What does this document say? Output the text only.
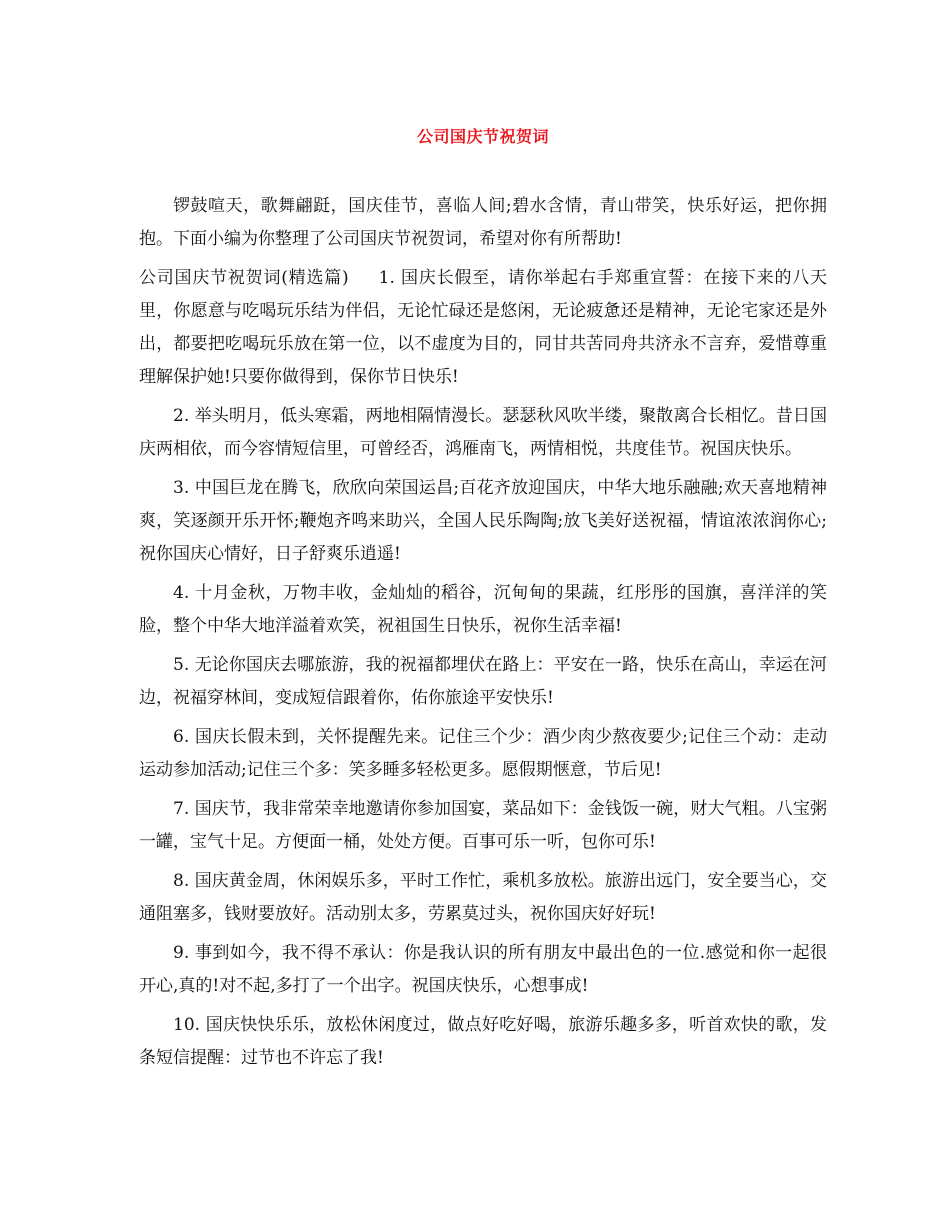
公司国庆节祝贺词

锣鼓喧天，歌舞翩跹，国庆佳节，喜临人间;碧水含情，青山带笑，快乐好运，把你拥抱。下面小编为你整理了公司国庆节祝贺词，希望对你有所帮助!

公司国庆节祝贺词(精选篇) 1. 国庆长假至，请你举起右手郑重宣誓：在接下来的八天里，你愿意与吃喝玩乐结为伴侣，无论忙碌还是悠闲，无论疲惫还是精神，无论宅家还是外出，都要把吃喝玩乐放在第一位，以不虚度为目的，同甘共苦同舟共济永不言弃，爱惜尊重理解保护她!只要你做得到，保你节日快乐!

2. 举头明月，低头寒霜，两地相隔情漫长。瑟瑟秋风吹半缕，聚散离合长相忆。昔日国庆两相依，而今容情短信里，可曾经否，鸿雁南飞，两情相悦，共度佳节。祝国庆快乐。

3. 中国巨龙在腾飞，欣欣向荣国运昌;百花齐放迎国庆，中华大地乐融融;欢天喜地精神爽，笑逐颜开乐开怀;鞭炮齐鸣来助兴，全国人民乐陶陶;放飞美好送祝福，情谊浓浓润你心;祝你国庆心情好，日子舒爽乐逍遥!

4. 十月金秋，万物丰收，金灿灿的稻谷，沉甸甸的果蔬，红彤彤的国旗，喜洋洋的笑脸，整个中华大地洋溢着欢笑，祝祖国生日快乐，祝你生活幸福!

5. 无论你国庆去哪旅游，我的祝福都埋伏在路上：平安在一路，快乐在高山，幸运在河边，祝福穿林间，变成短信跟着你，佑你旅途平安快乐!

6. 国庆长假未到，关怀提醒先来。记住三个少：酒少肉少熬夜要少;记住三个动：走动运动参加活动;记住三个多：笑多睡多轻松更多。愿假期惬意，节后见!

7. 国庆节，我非常荣幸地邀请你参加国宴，菜品如下：金钱饭一碗，财大气粗。八宝粥一罐，宝气十足。方便面一桶，处处方便。百事可乐一听，包你可乐!

8. 国庆黄金周，休闲娱乐多，平时工作忙，乘机多放松。旅游出远门，安全要当心，交通阻塞多，钱财要放好。活动别太多，劳累莫过头，祝你国庆好好玩!

9. 事到如今，我不得不承认：你是我认识的所有朋友中最出色的一位.感觉和你一起很开心,真的!对不起,多打了一个出字。祝国庆快乐，心想事成!

10. 国庆快快乐乐，放松休闲度过，做点好吃好喝，旅游乐趣多多，听首欢快的歌，发条短信提醒：过节也不许忘了我!
